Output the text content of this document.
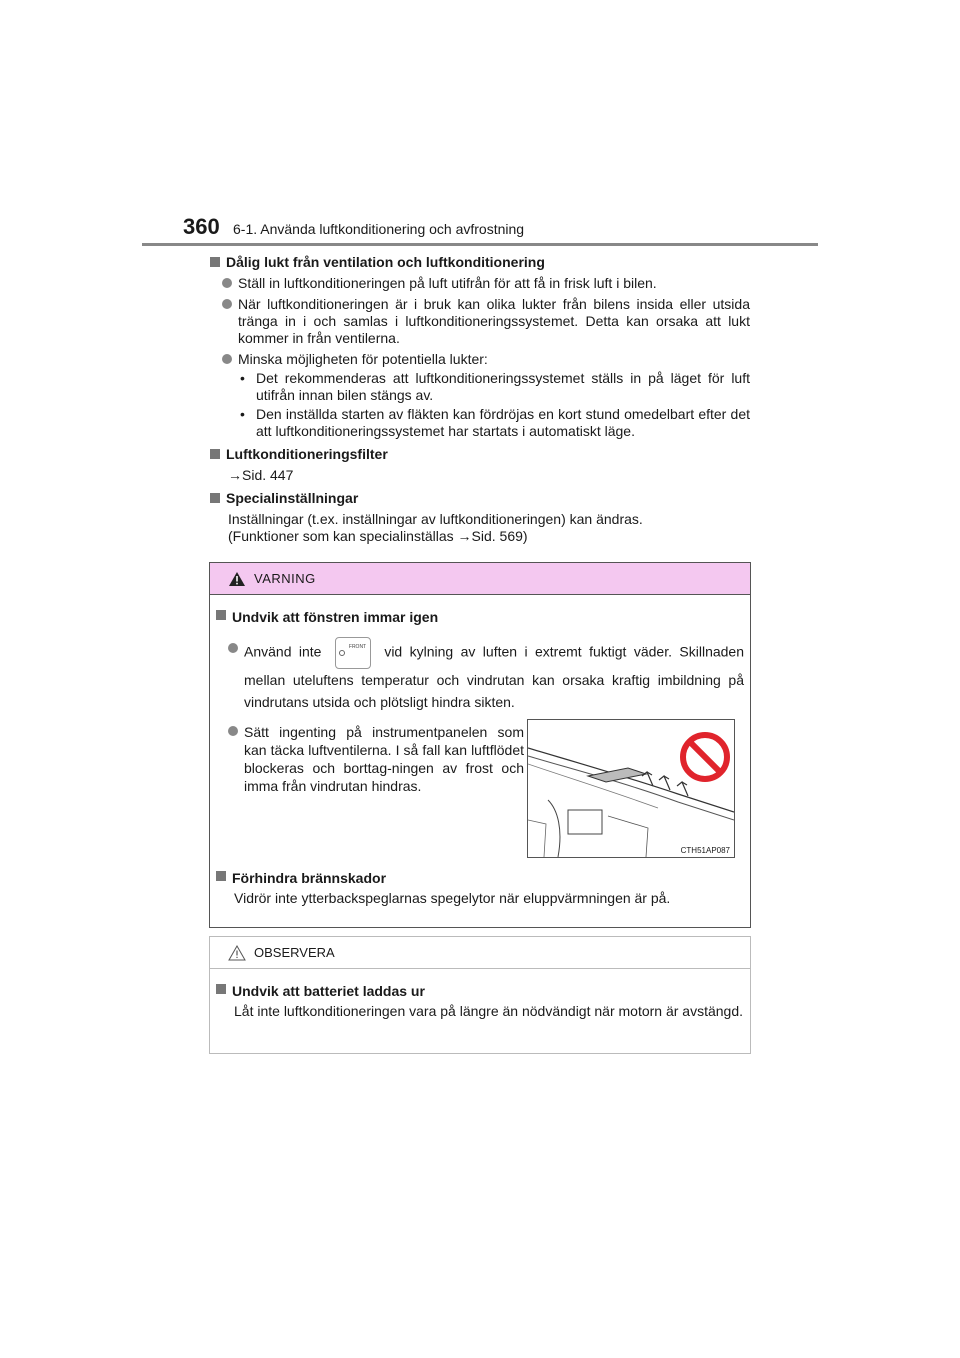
360 6-1. Använda luftkonditionering och avfrostning
Dålig lukt från ventilation och luftkonditionering
Ställ in luftkonditioneringen på luft utifrån för att få in frisk luft i bilen.
När luftkonditioneringen är i bruk kan olika lukter från bilens insida eller utsida tränga in i och samlas i luftkonditioneringssystemet. Detta kan orsaka att lukt kommer in från ventilerna.
Minska möjligheten för potentiella lukter:
• Det rekommenderas att luftkonditioneringssystemet ställs in på läget för luft utifrån innan bilen stängs av.
• Den inställda starten av fläkten kan fördröjas en kort stund omedelbart efter det att luftkonditioneringssystemet har startats i automatiskt läge.
Luftkonditioneringsfilter
→Sid. 447
Specialinställningar
Inställningar (t.ex. inställningar av luftkonditioneringen) kan ändras.
(Funktioner som kan specialinställas →Sid. 569)
VARNING
Undvik att fönstren immar igen
Använd inte	FRONT vid kylning av luften i extremt fuktigt väder. Skillnaden mellan uteluftens temperatur och vindrutan kan orsaka kraftig imbildning på vindrutans utsida och plötsligt hindra sikten.
Sätt ingenting på instrumentpanelen som kan täcka luftventilerna. I så fall kan luftflödet blockeras och borttag-ningen av frost och imma från vindrutan hindras.
CTH51AP087
Förhindra brännskador
Vidrör inte ytterbackspeglarnas spegelytor när eluppvärmningen är på.
OBSERVERA
Undvik att batteriet laddas ur
Låt inte luftkonditioneringen vara på längre än nödvändigt när motorn är avstängd.
